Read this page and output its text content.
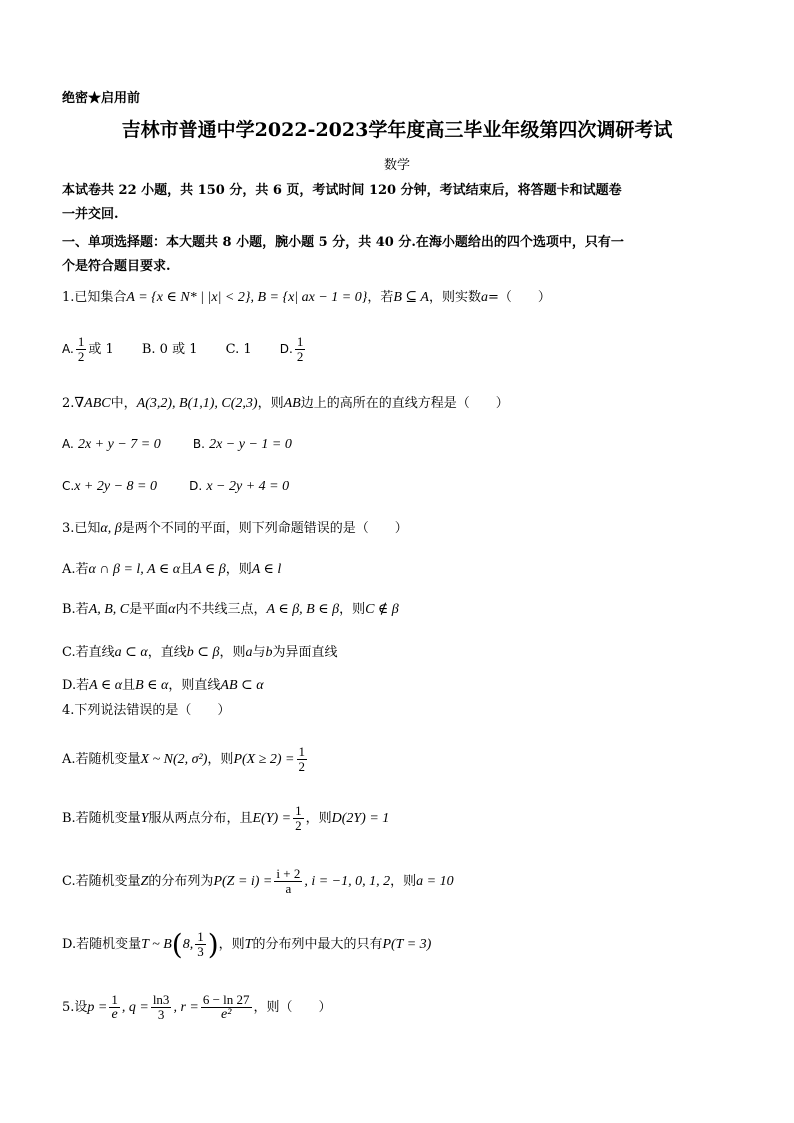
绝密★启用前
吉林市普通中学2022-2023学年度高三毕业年级第四次调研考试
数学
本试卷共 22 小题，共 150 分，共 6 页，考试时间 120 分钟，考试结束后，将答题卡和试题卷
一并交回.
一、单项选择题：本大题共 8 小题，腕小题 5 分，共 40 分.在海小题给出的四个选项中，只有一
个是符合题目要求.
1.已知集合A = {x ∈ N* | |x| < 2}, B = {x| ax − 1 = 0}，若B ⊆ A，则实数a=（　　）
A. $\frac{1}{2}$ 或 1 B. 0 或 1 C. 1 D. $\frac{1}{2}$
2.∇ABC中，A(3,2), B(1,1), C(2,3)，则AB边上的高所在的直线方程是（　　）
A. 2x + y − 7 = 0	B. 2x − y − 1 = 0
C.x + 2y − 8 = 0	D. x − 2y + 4 = 0
3.已知α, β是两个不同的平面，则下列命题错误的是（　　）
A.若α ∩ β = l, A ∈ α且A ∈ β，则A ∈ l
B.若A, B, C是平面α内不共线三点，A ∈ β, B ∈ β，则C ∉ β
C.若直线a ⊂ α，直线b ⊂ β，则a与b为异面直线
D.若A ∈ α且B ∈ α，则直线AB ⊂ α
4.下列说法错误的是（　　）
A.若随机变量X ~ N(2, σ²)，则$P(X \ge 2) = \frac{1}{2}$
B.若随机变量Y服从两点分布，且$E(Y) = \frac{1}{2}$ ，则D(2Y) = 1
C.若随机变量Z的分布列为$P(Z = i) = \frac{i + 2}{a}$ , i = −1, 0, 1, 2，则a = 10
D.若随机变量T ~ B(8, $\frac{1}{3}$ )，则T的分布列中最大的只有P(T = 3)
5.设$p = \frac{1}{e}$ , $q = \frac{\ln 3}{3}$ , $r = \frac{6 - \ln 27}{\text{e²}}$ ，则（　　）
